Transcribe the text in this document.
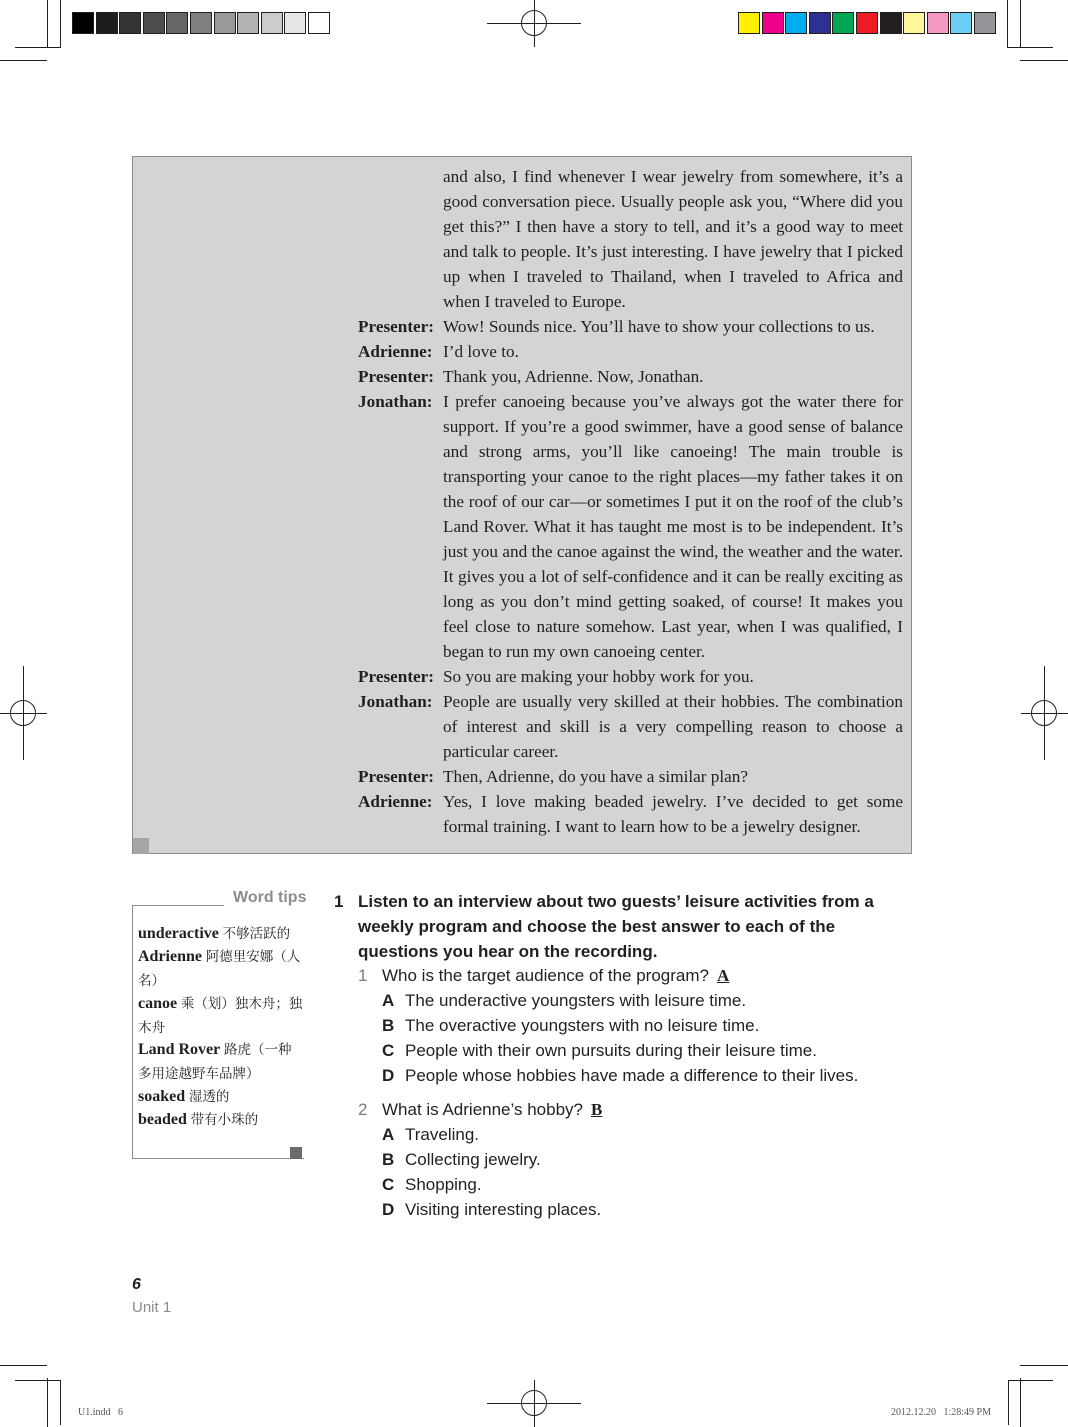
and also, I find whenever I wear jewelry from somewhere, it’s a good conversation piece. Usually people ask you, “Where did you get this?” I then have a story to tell, and it’s a good way to meet and talk to people. It’s just interesting. I have jewelry that I picked up when I traveled to Thailand, when I traveled to Africa and when I traveled to Europe.
Presenter: Wow! Sounds nice. You’ll have to show your collections to us.
Adrienne: I’d love to.
Presenter: Thank you, Adrienne. Now, Jonathan.
Jonathan: I prefer canoeing because you’ve always got the water there for support. If you’re a good swimmer, have a good sense of balance and strong arms, you’ll like canoeing! The main trouble is transporting your canoe to the right places—my father takes it on the roof of our car—or sometimes I put it on the roof of the club’s Land Rover. What it has taught me most is to be independent. It’s just you and the canoe against the wind, the weather and the water. It gives you a lot of self-confidence and it can be really exciting as long as you don’t mind getting soaked, of course! It makes you feel close to nature somehow. Last year, when I was qualified, I began to run my own canoeing center.
Presenter: So you are making your hobby work for you.
Jonathan: People are usually very skilled at their hobbies. The combination of interest and skill is a very compelling reason to choose a particular career.
Presenter: Then, Adrienne, do you have a similar plan?
Adrienne: Yes, I love making beaded jewelry. I’ve decided to get some formal training. I want to learn how to be a jewelry designer.
Word tips
underactive 不够活跃的
Adrienne 阿德里安娜（人名）
canoe 乘（划）独木舟；独木舟
Land Rover 路虎（一种多用途越野车品牌）
soaked 湿透的
beaded 带有小珠的
1 Listen to an interview about two guests’ leisure activities from a weekly program and choose the best answer to each of the questions you hear on the recording.
1 Who is the target audience of the program? A
A The underactive youngsters with leisure time.
B The overactive youngsters with no leisure time.
C People with their own pursuits during their leisure time.
D People whose hobbies have made a difference to their lives.
2 What is Adrienne’s hobby? B
A Traveling.
B Collecting jewelry.
C Shopping.
D Visiting interesting places.
6
Unit 1
U1.indd   6	2012.12.20   1:28:49 PM
